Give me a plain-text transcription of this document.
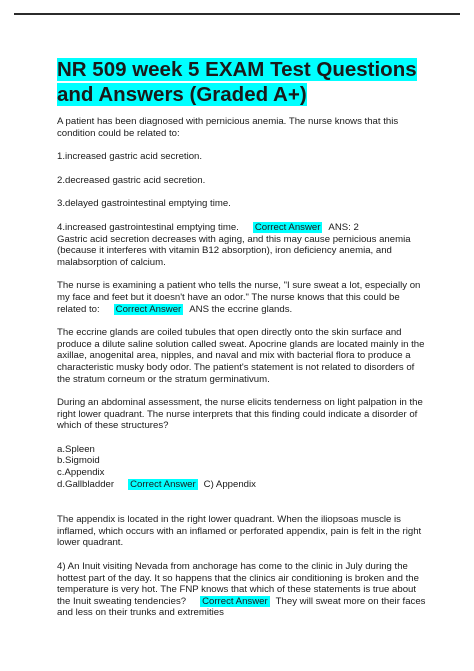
NR 509 week 5 EXAM Test Questions and Answers (Graded A+)

A patient has been diagnosed with pernicious anemia. The nurse knows that this condition could be related to:

1.increased gastric acid secretion.

2.decreased gastric acid secretion.

3.delayed gastrointestinal emptying time.

4.increased gastrointestinal emptying time. Correct Answer ANS: 2
Gastric acid secretion decreases with aging, and this may cause pernicious anemia (because it interferes with vitamin B12 absorption), iron deficiency anemia, and malabsorption of calcium.

The nurse is examining a patient who tells the nurse, "I sure sweat a lot, especially on my face and feet but it doesn't have an odor." The nurse knows that this could be related to: Correct Answer ANS the eccrine glands.

The eccrine glands are coiled tubules that open directly onto the skin surface and produce a dilute saline solution called sweat. Apocrine glands are located mainly in the axillae, anogenital area, nipples, and naval and mix with bacterial flora to produce a characteristic musky body odor. The patient's statement is not related to disorders of the stratum corneum or the stratum germinativum.

During an abdominal assessment, the nurse elicits tenderness on light palpation in the right lower quadrant. The nurse interprets that this finding could indicate a disorder of which of these structures?

a.Spleen

b.Sigmoid

c.Appendix

d.Gallbladder Correct Answer C) Appendix

The appendix is located in the right lower quadrant. When the iliopsoas muscle is inflamed, which occurs with an inflamed or perforated appendix, pain is felt in the right lower quadrant.

4) An Inuit visiting Nevada from anchorage has come to the clinic in July during the hottest part of the day. It so happens that the clinics air conditioning is broken and the temperature is very hot. The FNP knows that which of these statements is true about the Inuit sweating tendencies? Correct Answer They will sweat more on their faces and less on their trunks and extremities
